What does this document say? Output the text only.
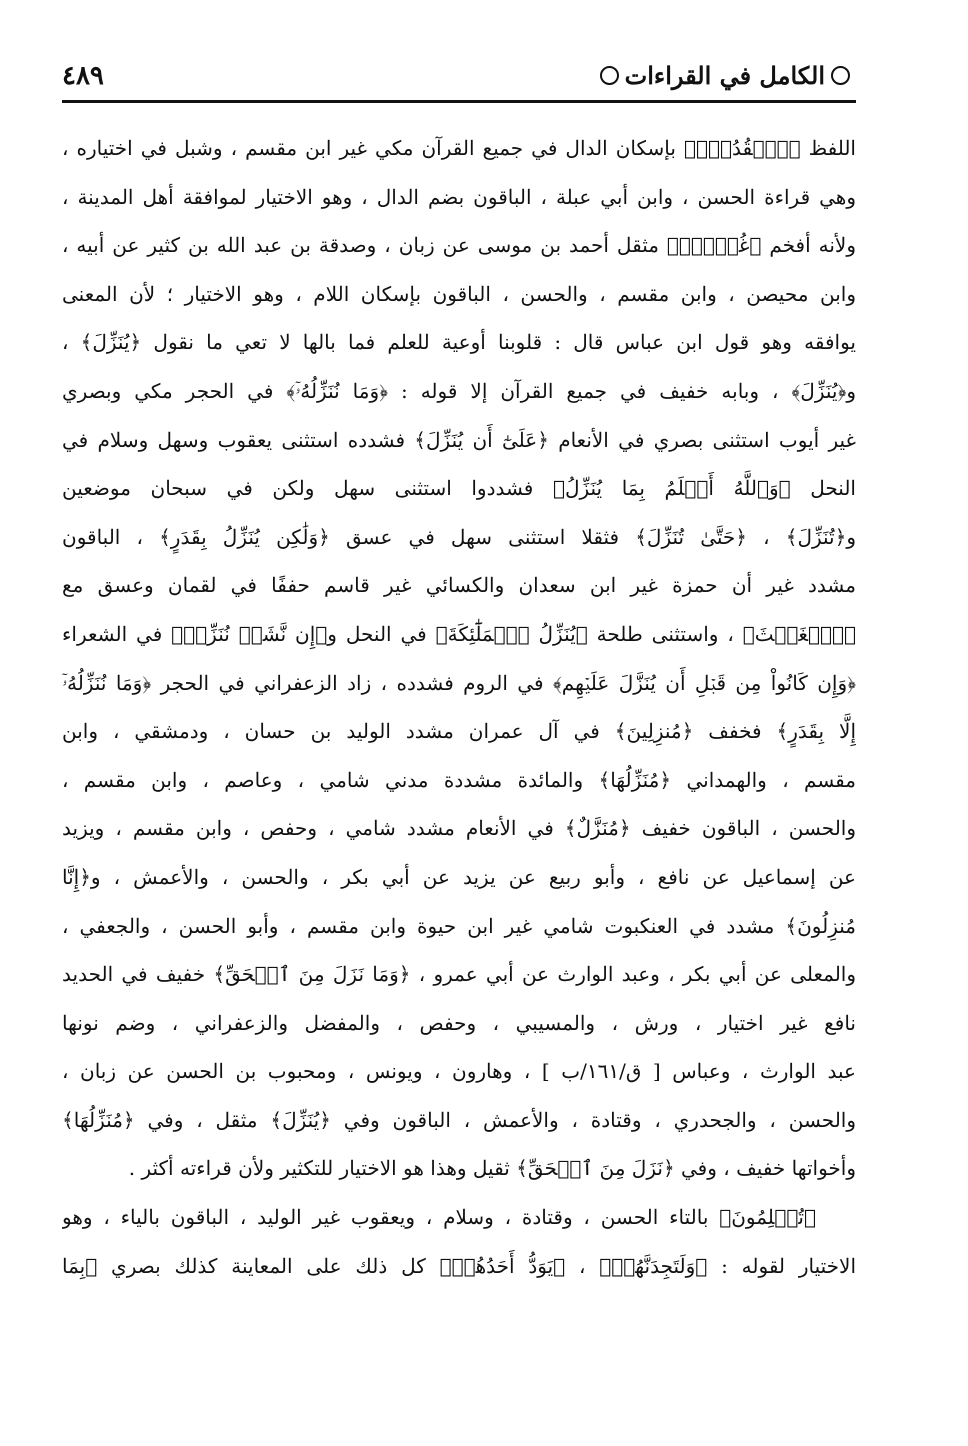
الكامل في القراءات
٤٨٩
اللفظ ﴿ٱلۡقُدُسِۗ﴾ بإسكان الدال في جميع القرآن مكي غير ابن مقسم ، وشبل في اختياره ،
وهي قراءة الحسن ، وابن أبي عبلة ، الباقون بضم الدال ، وهو الاختيار لموافقة أهل المدينة ،
ولأنه أفخم ﴿غُلۡفُۢ﴾ مثقل أحمد بن موسى عن زبان ، وصدقة بن عبد الله بن كثير عن أبيه ،
وابن محيصن ، وابن مقسم ، والحسن ، الباقون بإسكان اللام ، وهو الاختيار ؛ لأن المعنى
يوافقه وهو قول ابن عباس قال : قلوبنا أوعية للعلم فما بالها لا تعي ما نقول ﴿يُنَزِّلَ﴾ ،
و﴿يُنَزِّلَ﴾ ، وبابه خفيف في جميع القرآن إلا قوله : ﴿وَمَا نُنَزِّلُهُۥٓ﴾ في الحجر مكي وبصري
غير أيوب استثنى بصري في الأنعام ﴿عَلَىٰٓ أَن يُنَزِّلَ﴾ فشدده استثنى يعقوب وسهل وسلام في
النحل ﴿وَٱللَّهُ أَعۡلَمُ بِمَا يُنَزِّلُ﴾ فشددوا استثنى سهل ولكن في سبحان موضعين
و﴿تُنَزِّلَ﴾ ، ﴿حَتَّىٰ تُنَزِّلَ﴾ فثقلا استثنى سهل في عسق ﴿وَلَٰكِن يُنَزِّلُ بِقَدَرٍ﴾ ، الباقون
مشدد غير أن حمزة غير ابن سعدان والكسائي غير قاسم حففًا في لقمان وعسق مع
﴿ٱلۡغَيۡثَ﴾ ، واستثنى طلحة ﴿يُنَزِّلُ ٱلۡمَلَٰٓئِكَةَ﴾ في النحل و﴿إِن نَّشَأۡ نُنَزِّلۡ﴾ في الشعراء
﴿وَإِن كَانُواْ مِن قَبۡلِ أَن يُنَزَّلَ عَلَيۡهِم﴾ في الروم فشدده ، زاد الزعفراني في الحجر ﴿وَمَا نُنَزِّلُهُۥٓ
إِلَّا بِقَدَرٍ﴾ فخفف ﴿مُنزِلِينَ﴾ في آل عمران مشدد الوليد بن حسان ، ودمشقي ، وابن
مقسم ، والهمداني ﴿مُنَزِّلُهَا﴾ والمائدة مشددة مدني شامي ، وعاصم ، وابن مقسم ،
والحسن ، الباقون خفيف ﴿مُنَزَّلٌ﴾ في الأنعام مشدد شامي ، وحفص ، وابن مقسم ، ويزيد
عن إسماعيل عن نافع ، وأبو ربيع عن يزيد عن أبي بكر ، والحسن ، والأعمش ، و﴿إِنَّا
مُنزِلُونَ﴾ مشدد في العنكبوت شامي غير ابن حيوة وابن مقسم ، وأبو الحسن ، والجعفي ،
والمعلى عن أبي بكر ، وعبد الوارث عن أبي عمرو ، ﴿وَمَا نَزَلَ مِنَ ٱلۡحَقِّ﴾ خفيف في الحديد
نافع غير اختيار ، ورش ، والمسيبي ، وحفص ، والمفضل والزعفراني ، وضم نونها
عبد الوارث ، وعباس [ ق/١٦١/ب ] ، وهارون ، ويونس ، ومحبوب بن الحسن عن زبان ،
والحسن ، والجحدري ، وقتادة ، والأعمش ، الباقون وفي ﴿يُنَزِّلَ﴾ مثقل ، وفي ﴿مُنَزِّلُهَا﴾
وأخواتها خفيف ، وفي ﴿نَزَلَ مِنَ ٱلۡحَقِّ﴾ ثقيل وهذا هو الاختيار للتكثير ولأن قراءته أكثر .
﴿تُعۡلِمُونَ﴾ بالتاء الحسن ، وقتادة ، وسلام ، ويعقوب غير الوليد ، الباقون بالياء ، وهو
الاختيار لقوله : ﴿وَلَتَجِدَنَّهُمۡ﴾ ، ﴿يَوَدُّ أَحَدُهُمۡ﴾ كل ذلك على المعاينة كذلك بصري ﴿بِمَا
